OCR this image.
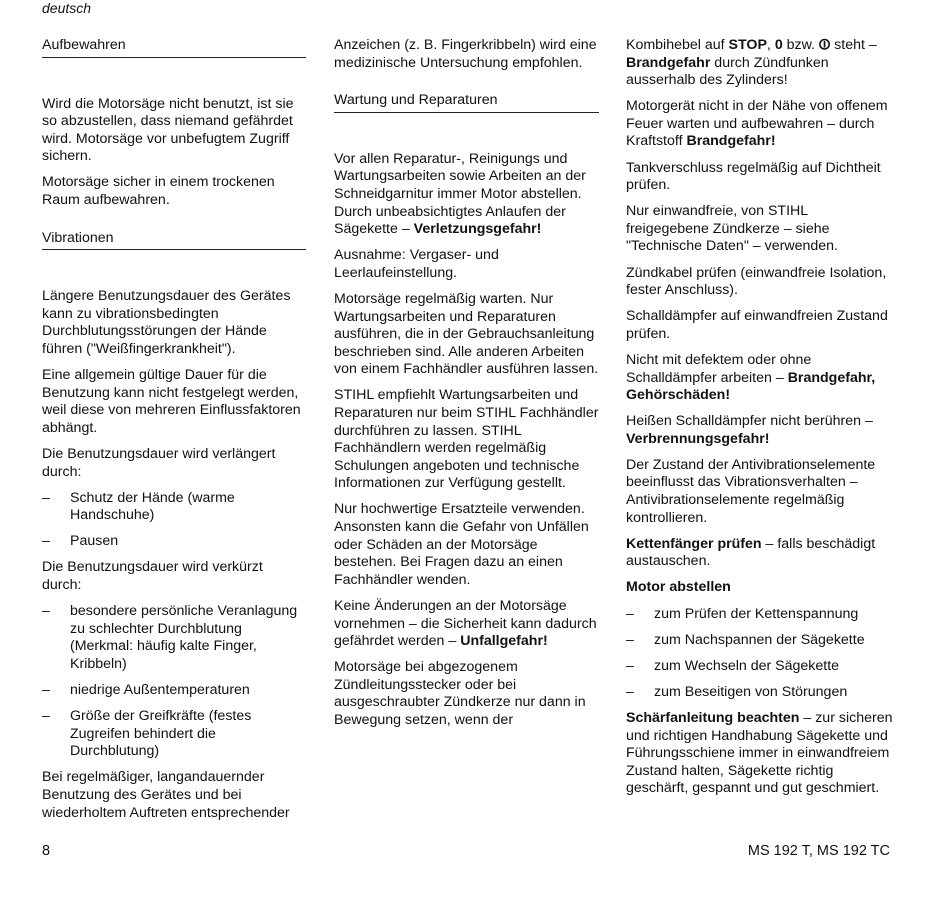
deutsch
Aufbewahren

Wird die Motorsäge nicht benutzt, ist sie so abzustellen, dass niemand gefährdet wird. Motorsäge vor unbefugtem Zugriff sichern.

Motorsäge sicher in einem trockenen Raum aufbewahren.

Vibrationen

Längere Benutzungsdauer des Gerätes kann zu vibrationsbedingten Durchblutungsstörungen der Hände führen ("Weißfingerkrankheit").

Eine allgemein gültige Dauer für die Benutzung kann nicht festgelegt werden, weil diese von mehreren Einflussfaktoren abhängt.

Die Benutzungsdauer wird verlängert durch:

– Schutz der Hände (warme Handschuhe)
– Pausen

Die Benutzungsdauer wird verkürzt durch:

– besondere persönliche Veranlagung zu schlechter Durchblutung (Merkmal: häufig kalte Finger, Kribbeln)
– niedrige Außentemperaturen
– Größe der Greifkräfte (festes Zugreifen behindert die Durchblutung)

Bei regelmäßiger, langandauernder Benutzung des Gerätes und bei wiederholtem Auftreten entsprechender

Anzeichen (z. B. Fingerkribbeln) wird eine medizinische Untersuchung empfohlen.

Wartung und Reparaturen

Vor allen Reparatur-, Reinigungs und Wartungsarbeiten sowie Arbeiten an der Schneidgarnitur immer Motor abstellen. Durch unbeabsichtigtes Anlaufen der Sägekette – Verletzungsgefahr!

Ausnahme: Vergaser- und Leerlaufeinstellung.

Motorsäge regelmäßig warten. Nur Wartungsarbeiten und Reparaturen ausführen, die in der Gebrauchsanleitung beschrieben sind. Alle anderen Arbeiten von einem Fachhändler ausführen lassen.

STIHL empfiehlt Wartungsarbeiten und Reparaturen nur beim STIHL Fachhändler durchführen zu lassen. STIHL Fachhändlern werden regelmäßig Schulungen angeboten und technische Informationen zur Verfügung gestellt.

Nur hochwertige Ersatzteile verwenden. Ansonsten kann die Gefahr von Unfällen oder Schäden an der Motorsäge bestehen. Bei Fragen dazu an einen Fachhändler wenden.

Keine Änderungen an der Motorsäge vornehmen – die Sicherheit kann dadurch gefährdet werden – Unfallgefahr!

Motorsäge bei abgezogenem Zündleitungsstecker oder bei ausgeschraubter Zündkerze nur dann in Bewegung setzen, wenn der

Kombihebel auf STOP, 0 bzw. ⏼ steht – Brandgefahr durch Zündfunken ausserhalb des Zylinders!

Motorgerät nicht in der Nähe von offenem Feuer warten und aufbewahren – durch Kraftstoff Brandgefahr!

Tankverschluss regelmäßig auf Dichtheit prüfen.

Nur einwandfreie, von STIHL freigegebene Zündkerze – siehe "Technische Daten" – verwenden.

Zündkabel prüfen (einwandfreie Isolation, fester Anschluss).

Schalldämpfer auf einwandfreien Zustand prüfen.

Nicht mit defektem oder ohne Schalldämpfer arbeiten – Brandgefahr, Gehörschäden!

Heißen Schalldämpfer nicht berühren – Verbrennungsgefahr!

Der Zustand der Antivibrationselemente beeinflusst das Vibrationsverhalten – Antivibrationselemente regelmäßig kontrollieren.

Kettenfänger prüfen – falls beschädigt austauschen.

Motor abstellen

– zum Prüfen der Kettenspannung
– zum Nachspannen der Sägekette
– zum Wechseln der Sägekette
– zum Beseitigen von Störungen

Schärfanleitung beachten – zur sicheren und richtigen Handhabung Sägekette und Führungsschiene immer in einwandfreiem Zustand halten, Sägekette richtig geschärft, gespannt und gut geschmiert.

8	MS 192 T, MS 192 TC
